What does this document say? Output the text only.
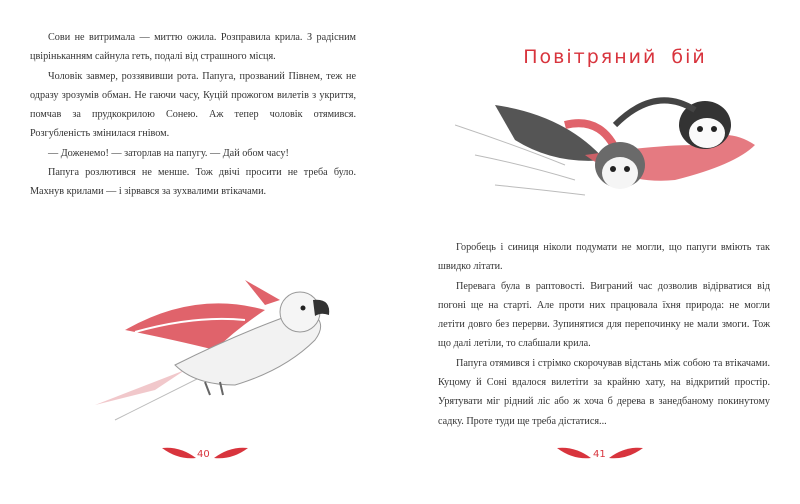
Сови не витримала — миттю ожила. Розправила крила. З радісним цвіріньканням сайнула геть, подалі від страшного місця.

Чоловік завмер, роззявивши рота. Папуга, прозваний Півнем, теж не одразу зрозумів обман. Не гаючи часу, Куцій прожогом вилетів з укриття, помчав за прудкокрилою Сонею. Аж тепер чоловік отямився. Розгубленість змінилася гнівом.

— Доженемо! — заторлав на папугу. — Дай обом часу!

Папуга розлютився не менше. Тож двічі просити не треба було. Махнув крилами — і зірвався за зухвалими втікачами.

Повітряний бій

Горобець і синиця ніколи подумати не могли, що папуги вміють так швидко літати.

Перевага була в раптовості. Виграний час дозволив відірватися від погоні ще на старті. Але проти них працювала їхня природа: не могли летіти довго без перерви. Зупинятися для перепочинку не мали змоги. Тож що далі летіли, то слабшали крила.

Папуга отямився і стрімко скорочував відстань між собою та втікачами. Куцому й Соні вдалося вилетіти за крайню хату, на відкритий простір. Урятувати міг рідний ліс або ж хоча б дерева в занедбаному покинутому садку. Проте туди ще треба дістатися...

40	41
